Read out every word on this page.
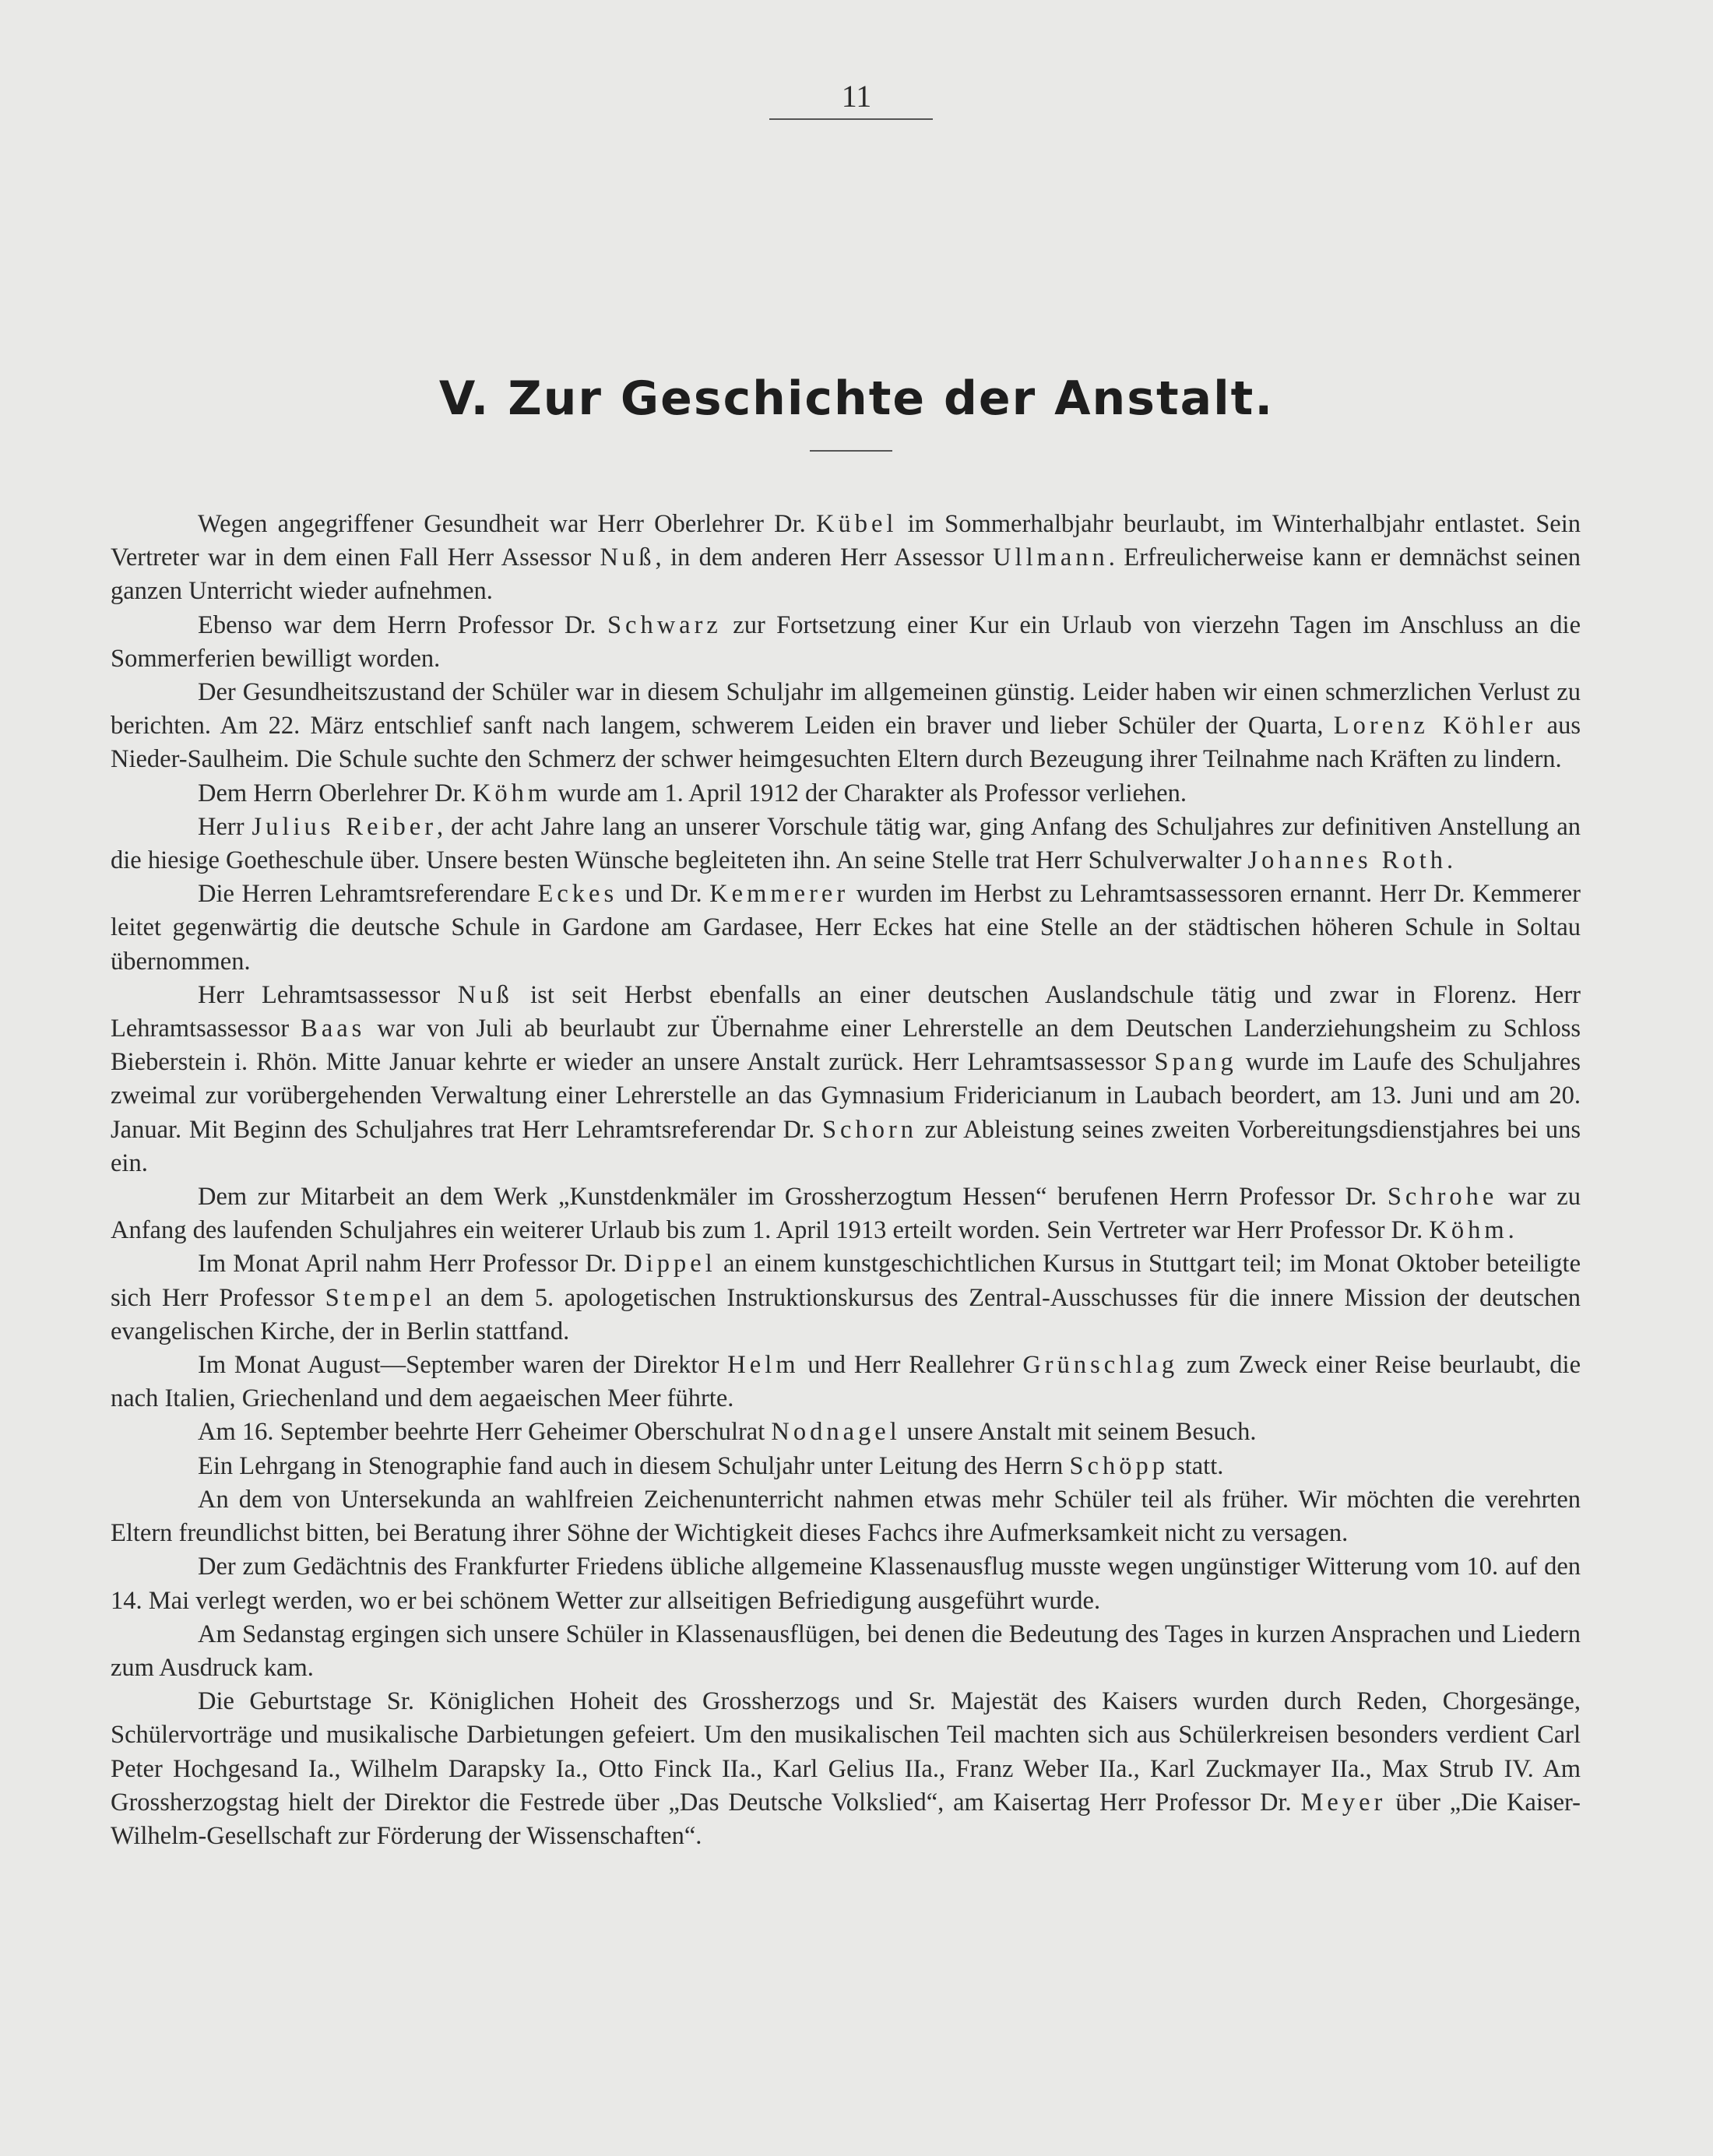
11
V. Zur Geschichte der Anstalt.

Wegen angegriffener Gesundheit war Herr Oberlehrer Dr. Kübel im Sommerhalbjahr beurlaubt, im Winterhalbjahr entlastet. Sein Vertreter war in dem einen Fall Herr Assessor Nuß, in dem anderen Herr Assessor Ullmann. Erfreulicherweise kann er demnächst seinen ganzen Unterricht wieder aufnehmen.

Ebenso war dem Herrn Professor Dr. Schwarz zur Fortsetzung einer Kur ein Urlaub von vierzehn Tagen im Anschluss an die Sommerferien bewilligt worden.

Der Gesundheitszustand der Schüler war in diesem Schuljahr im allgemeinen günstig. Leider haben wir einen schmerzlichen Verlust zu berichten. Am 22. März entschlief sanft nach langem, schwerem Leiden ein braver und lieber Schüler der Quarta, Lorenz Köhler aus Nieder-Saulheim. Die Schule suchte den Schmerz der schwer heimgesuchten Eltern durch Bezeugung ihrer Teilnahme nach Kräften zu lindern.

Dem Herrn Oberlehrer Dr. Köhm wurde am 1. April 1912 der Charakter als Professor verliehen.

Herr Julius Reiber, der acht Jahre lang an unserer Vorschule tätig war, ging Anfang des Schuljahres zur definitiven Anstellung an die hiesige Goetheschule über. Unsere besten Wünsche begleiteten ihn. An seine Stelle trat Herr Schulverwalter Johannes Roth.

Die Herren Lehramtsreferendare Eckes und Dr. Kemmerer wurden im Herbst zu Lehramtsassessoren ernannt. Herr Dr. Kemmerer leitet gegenwärtig die deutsche Schule in Gardone am Gardasee, Herr Eckes hat eine Stelle an der städtischen höheren Schule in Soltau übernommen.

Herr Lehramtsassessor Nuß ist seit Herbst ebenfalls an einer deutschen Auslandschule tätig und zwar in Florenz. Herr Lehramtsassessor Baas war von Juli ab beurlaubt zur Übernahme einer Lehrerstelle an dem Deutschen Landerziehungsheim zu Schloss Bieberstein i. Rhön. Mitte Januar kehrte er wieder an unsere Anstalt zurück. Herr Lehramtsassessor Spang wurde im Laufe des Schuljahres zweimal zur vorübergehenden Verwaltung einer Lehrerstelle an das Gymnasium Fridericianum in Laubach beordert, am 13. Juni und am 20. Januar. Mit Beginn des Schuljahres trat Herr Lehramtsreferendar Dr. Schorn zur Ableistung seines zweiten Vorbereitungsdienstjahres bei uns ein.

Dem zur Mitarbeit an dem Werk „Kunstdenkmäler im Grossherzogtum Hessen“ berufenen Herrn Professor Dr. Schrohe war zu Anfang des laufenden Schuljahres ein weiterer Urlaub bis zum 1. April 1913 erteilt worden. Sein Vertreter war Herr Professor Dr. Köhm.

Im Monat April nahm Herr Professor Dr. Dippel an einem kunstgeschichtlichen Kursus in Stuttgart teil; im Monat Oktober beteiligte sich Herr Professor Stempel an dem 5. apologetischen Instruktionskursus des Zentral-Ausschusses für die innere Mission der deutschen evangelischen Kirche, der in Berlin stattfand.

Im Monat August—September waren der Direktor Helm und Herr Reallehrer Grünschlag zum Zweck einer Reise beurlaubt, die nach Italien, Griechenland und dem aegaeischen Meer führte.

Am 16. September beehrte Herr Geheimer Oberschulrat Nodnagel unsere Anstalt mit seinem Besuch.

Ein Lehrgang in Stenographie fand auch in diesem Schuljahr unter Leitung des Herrn Schöpp statt.

An dem von Untersekunda an wahlfreien Zeichenunterricht nahmen etwas mehr Schüler teil als früher. Wir möchten die verehrten Eltern freundlichst bitten, bei Beratung ihrer Söhne der Wichtigkeit dieses Fachcs ihre Aufmerksamkeit nicht zu versagen.

Der zum Gedächtnis des Frankfurter Friedens übliche allgemeine Klassenausflug musste wegen ungünstiger Witterung vom 10. auf den 14. Mai verlegt werden, wo er bei schönem Wetter zur allseitigen Befriedigung ausgeführt wurde.

Am Sedanstag ergingen sich unsere Schüler in Klassenausflügen, bei denen die Bedeutung des Tages in kurzen Ansprachen und Liedern zum Ausdruck kam.

Die Geburtstage Sr. Königlichen Hoheit des Grossherzogs und Sr. Majestät des Kaisers wurden durch Reden, Chorgesänge, Schülervorträge und musikalische Darbietungen gefeiert. Um den musikalischen Teil machten sich aus Schülerkreisen besonders verdient Carl Peter Hochgesand Ia., Wilhelm Darapsky Ia., Otto Finck IIa., Karl Gelius IIa., Franz Weber IIa., Karl Zuckmayer IIa., Max Strub IV. Am Grossherzogstag hielt der Direktor die Festrede über „Das Deutsche Volkslied“, am Kaisertag Herr Professor Dr. Meyer über „Die Kaiser-Wilhelm-Gesellschaft zur Förderung der Wissenschaften“.
